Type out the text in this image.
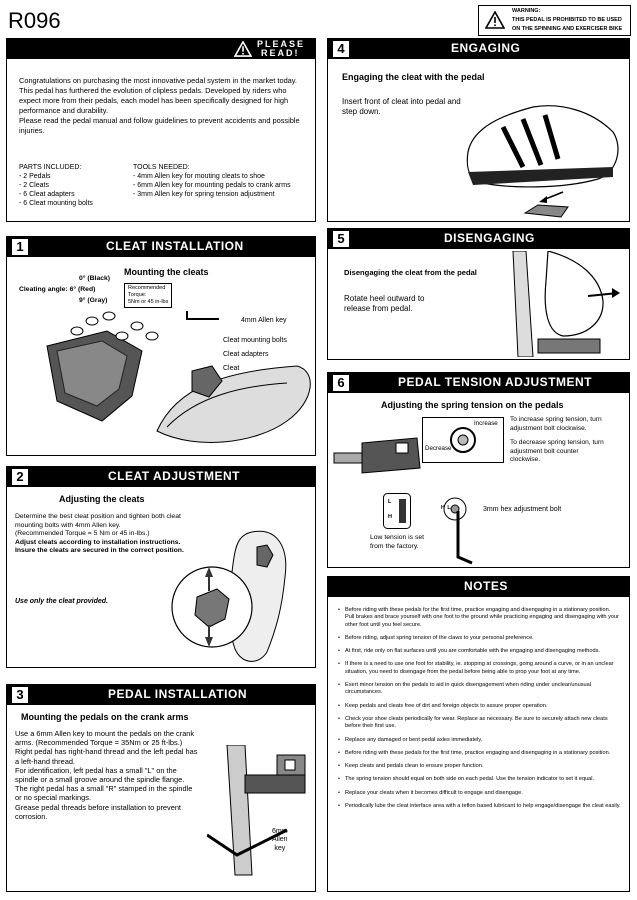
R096	WARNING:
THIS PEDAL IS PROHIBITED TO BE USED
ON THE SPINNING AND EXERCISER BIKE
PLEASE
READ!
Congratulations on purchasing the most innovative pedal system in the market today. This pedal has furthered the evolution of clipless pedals. Developed by riders who expect more from their pedals, each model has been specifically designed for high performance and durability.
Please read the pedal manual and follow guidelines to prevent accidents and possible injuries.
PARTS INCLUDED:
- 2 Pedals
- 2 Cleats
- 6 Cleat adapters
- 6 Cleat mounting bolts
TOOLS NEEDED:
- 4mm Allen key for mouting cleats to shoe
- 6mm Allen key for mounting pedals to crank arms
- 3mm Allen key for spring tension adjustment
1	CLEAT INSTALLATION
0° (Black)
Cleating angle: 6° (Red)
9° (Gray)
Mounting the cleats
Recommended
Torque:
5Nm or 45 in-lbs
4mm Allen key
Cleat mounting bolts
Cleat adapters
Cleat
2	CLEAT ADJUSTMENT
Adjusting the cleats
Determine the best cleat position and tighten both cleat
mounting bolts with 4mm Allen key.
(Recommended Torque = 5 Nm or 45 in-lbs.)
Adjust cleats according to installation instructions.
Insure the cleats are secured in the correct position.
Use only the cleat provided.
3	PEDAL INSTALLATION
Mounting the pedals on the crank arms
Use a 6mm Allen key to mount the pedals on the crank
arms. (Recommended Torque = 35Nm or 25 ft-lbs.)
Right pedal has right-hand thread and the left pedal has
a left-hand thread.
For identification, left pedal has a small "L" on the
spindle or a small groove around the spindle flange.
The right pedal has a small "R" stamped in the spindle
or no special markings.
Grease pedal threads before installation to prevent
corrosion.
6mm
Allen
key
4	ENGAGING
Engaging the cleat with the pedal
Insert front of cleat into pedal and
step down.
5	DISENGAGING
Disengaging the cleat from the pedal
Rotate heel outward to
release from pedal.
6	PEDAL TENSION ADJUSTMENT
Adjusting the spring tension on the pedals
Increase
Decrease
To increase spring tension, turn
adjustment bolt clockwise.
To decrease spring tension, turn
adjustment bolt counter
clockwise.
L
H
H  L	3mm hex adjustment bolt
Low tension is set
from the factory.
NOTES
• Before riding with these pedals for the first time, practice engaging and disengaging in a stationary position. Pull brakes and brace yourself with one foot to the ground while practicing engaging and disengaging with your other foot until you feel secure.
• Before riding, adjust spring tension of the claws to your personal preference.
• At first, ride only on flat surfaces until you are comfortable with the engaging and disengaging methods.
• If there is a need to use one foot for stability, ie. stopping at crossings, going around a curve, or in an unclear situation, you need to disengage from the pedal before being able to prop your foot at any time.
• Exert minor tension on the pedals to aid in quick disengagement when riding under unclear/unusual circumstances.
• Keep pedals and cleats free of dirt and foreign objects to assure proper operation.
• Check your shoe cleats periodically for wear. Replace as necessary. Be sure to securely attach new cleats before their first use.
• Replace any damaged or bent pedal axles immediately.
• Before riding with these pedals for the first time, practice engaging and disengaging in a stationary position.
• Keep cleats and pedals clean to ensure proper function.
• The spring tension should equal on both side on each pedal. Use the tension indicator to set it equal.
• Replace your cleats when it becomes difficult to engage and disengage.
• Periodically lube the cleat interface area with a teflon based lubricant to help engage/disengage the cleat easily.
